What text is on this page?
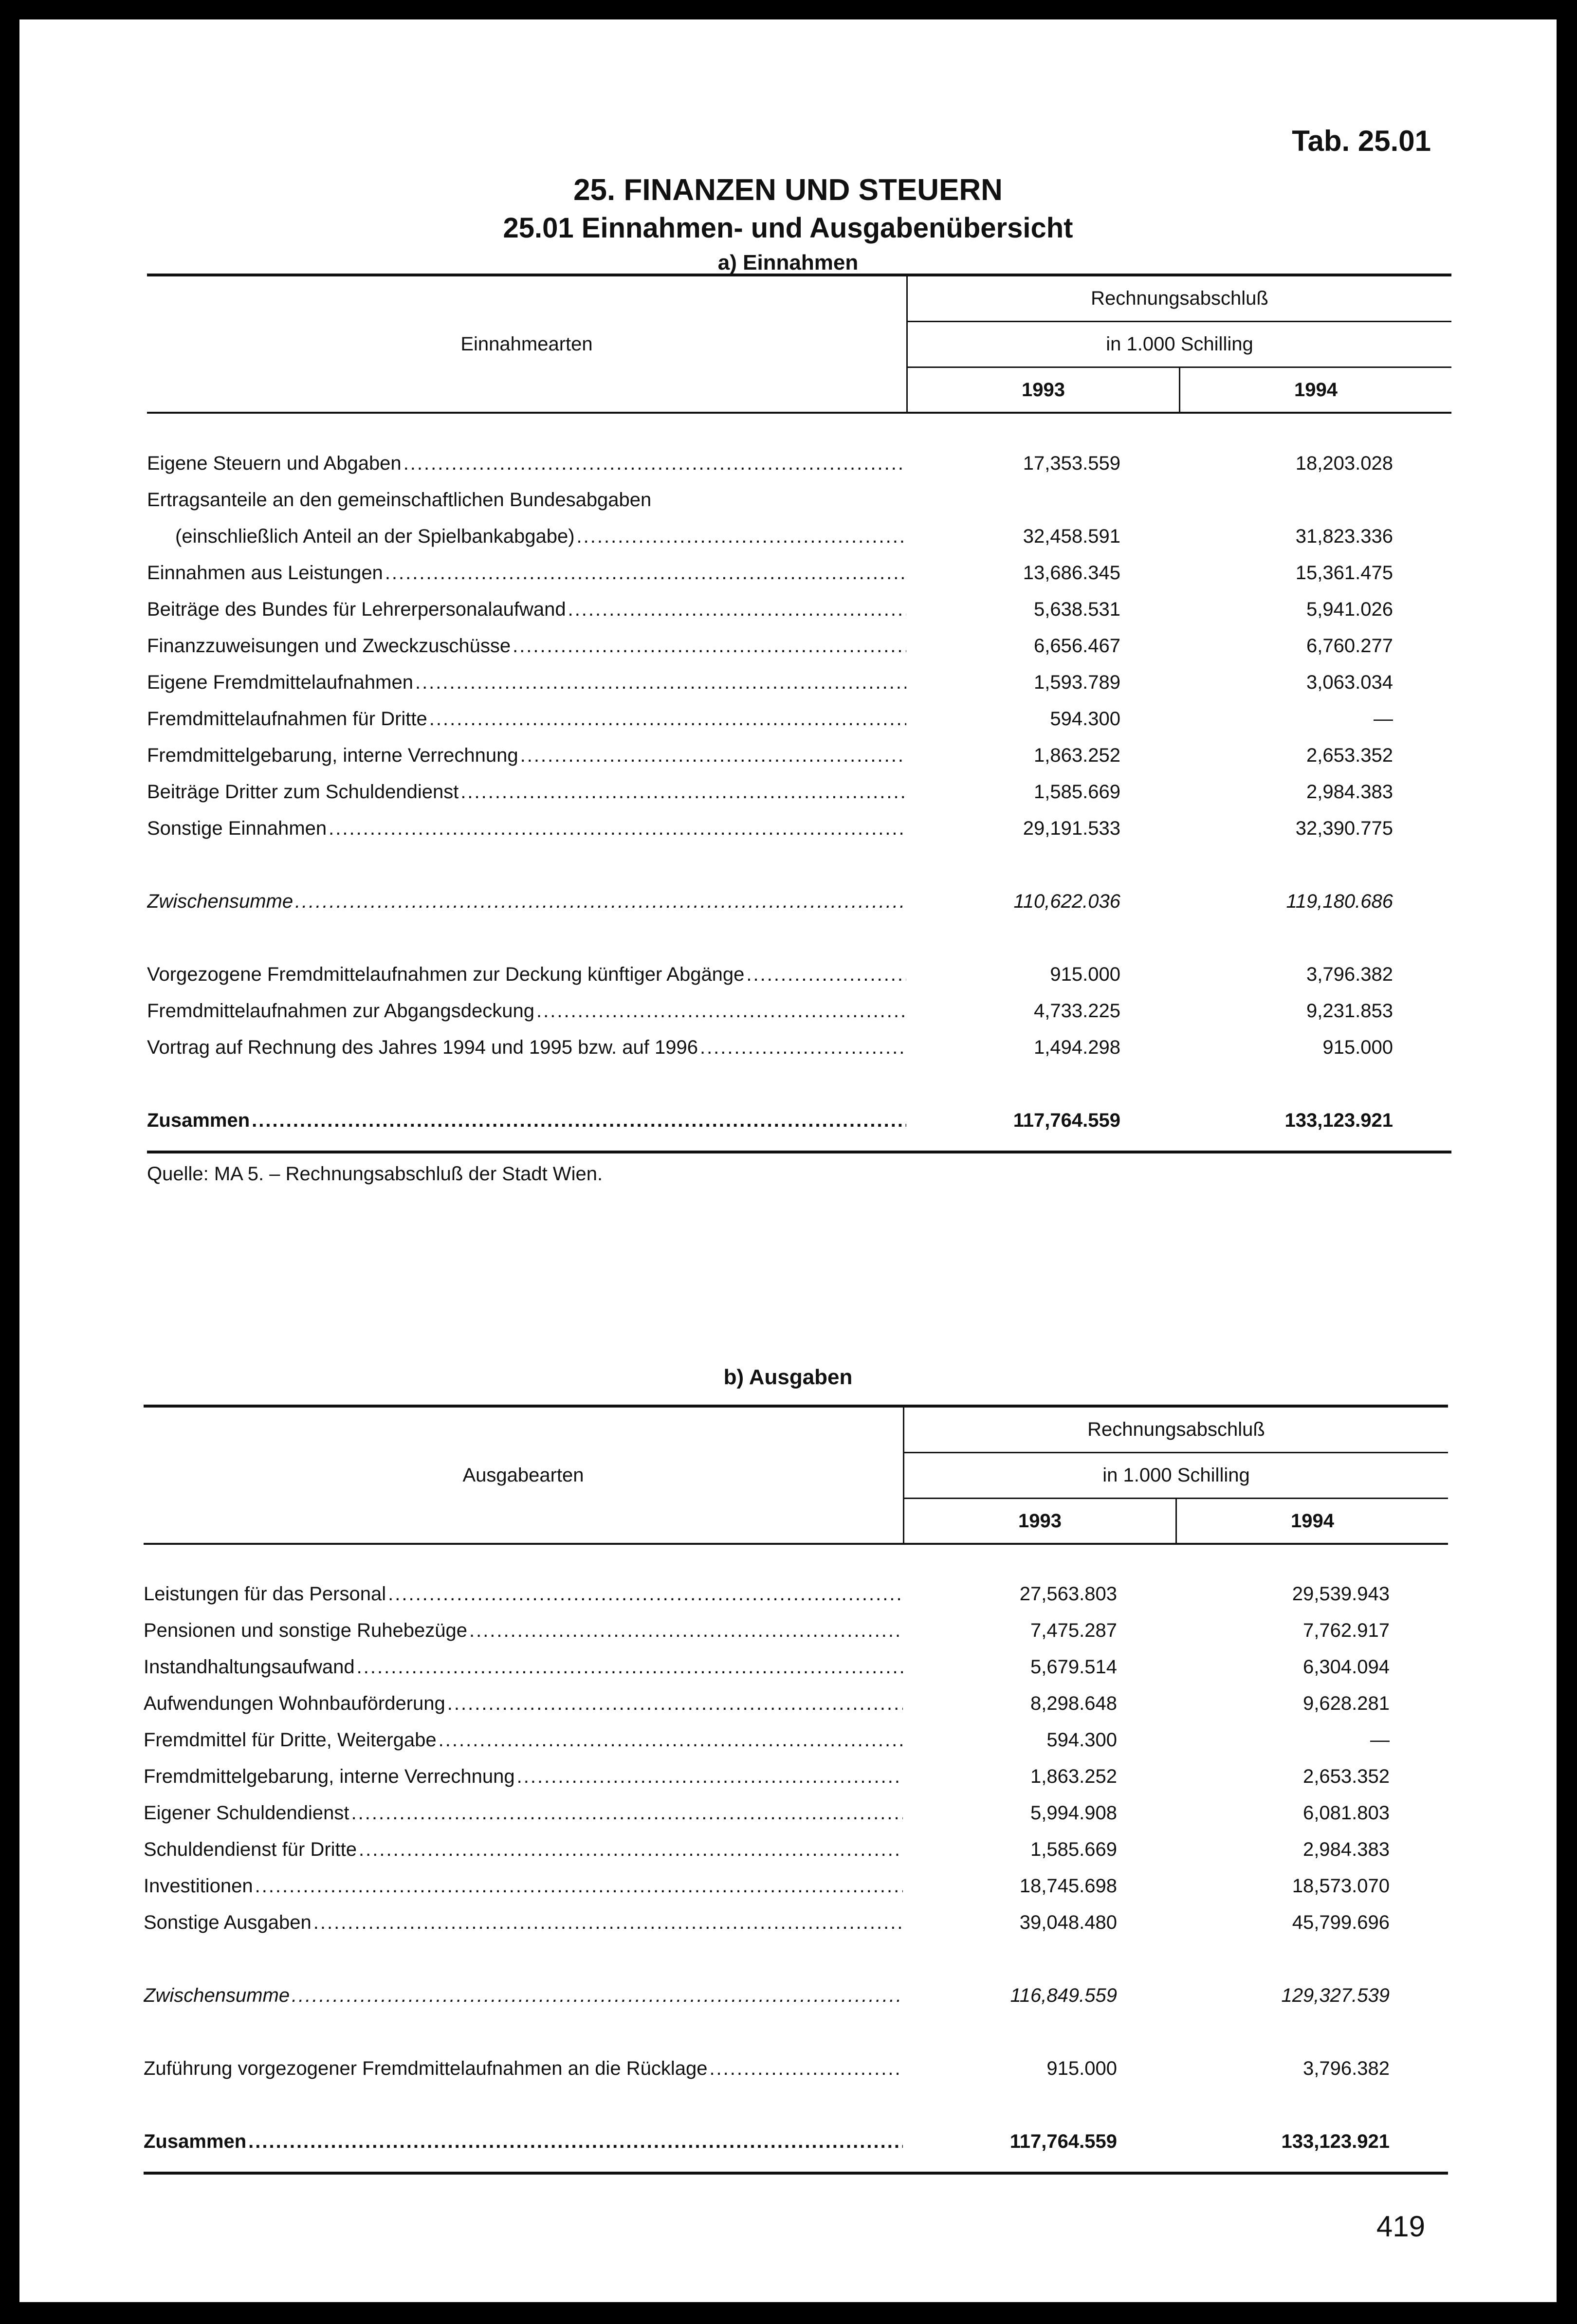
Tab. 25.01
25. FINANZEN UND STEUERN
25.01 Einnahmen- und Ausgabenübersicht
a) Einnahmen
Einnahmearten
Rechnungsabschluß
in 1.000 Schilling
1993	1994
Eigene Steuern und Abgaben .....	17,353.559	18,203.028
Ertragsanteile an den gemeinschaftlichen Bundesabgaben
(einschließlich Anteil an der Spielbankabgabe) .....	32,458.591	31,823.336
Einnahmen aus Leistungen .....	13,686.345	15,361.475
Beiträge des Bundes für Lehrerpersonalaufwand .....	5,638.531	5,941.026
Finanzzuweisungen und Zweckzuschüsse .....	6,656.467	6,760.277
Eigene Fremdmittelaufnahmen .....	1,593.789	3,063.034
Fremdmittelaufnahmen für Dritte .....	594.300	—
Fremdmittelgebarung, interne Verrechnung .....	1,863.252	2,653.352
Beiträge Dritter zum Schuldendienst .....	1,585.669	2,984.383
Sonstige Einnahmen .....	29,191.533	32,390.775
Zwischensumme .....	110,622.036	119,180.686
Vorgezogene Fremdmittelaufnahmen zur Deckung künftiger Abgänge .....	915.000	3,796.382
Fremdmittelaufnahmen zur Abgangsdeckung .....	4,733.225	9,231.853
Vortrag auf Rechnung des Jahres 1994 und 1995 bzw. auf 1996 .....	1,494.298	915.000
Zusammen .....	117,764.559	133,123.921
Quelle: MA 5. – Rechnungsabschluß der Stadt Wien.
b) Ausgaben
Ausgabearten
Rechnungsabschluß
in 1.000 Schilling
1993	1994
Leistungen für das Personal .....	27,563.803	29,539.943
Pensionen und sonstige Ruhebezüge .....	7,475.287	7,762.917
Instandhaltungsaufwand .....	5,679.514	6,304.094
Aufwendungen Wohnbauförderung .....	8,298.648	9,628.281
Fremdmittel für Dritte, Weitergabe .....	594.300	—
Fremdmittelgebarung, interne Verrechnung .....	1,863.252	2,653.352
Eigener Schuldendienst .....	5,994.908	6,081.803
Schuldendienst für Dritte .....	1,585.669	2,984.383
Investitionen .....	18,745.698	18,573.070
Sonstige Ausgaben .....	39,048.480	45,799.696
Zwischensumme .....	116,849.559	129,327.539
Zuführung vorgezogener Fremdmittelaufnahmen an die Rücklage .....	915.000	3,796.382
Zusammen .....	117,764.559	133,123.921
419
